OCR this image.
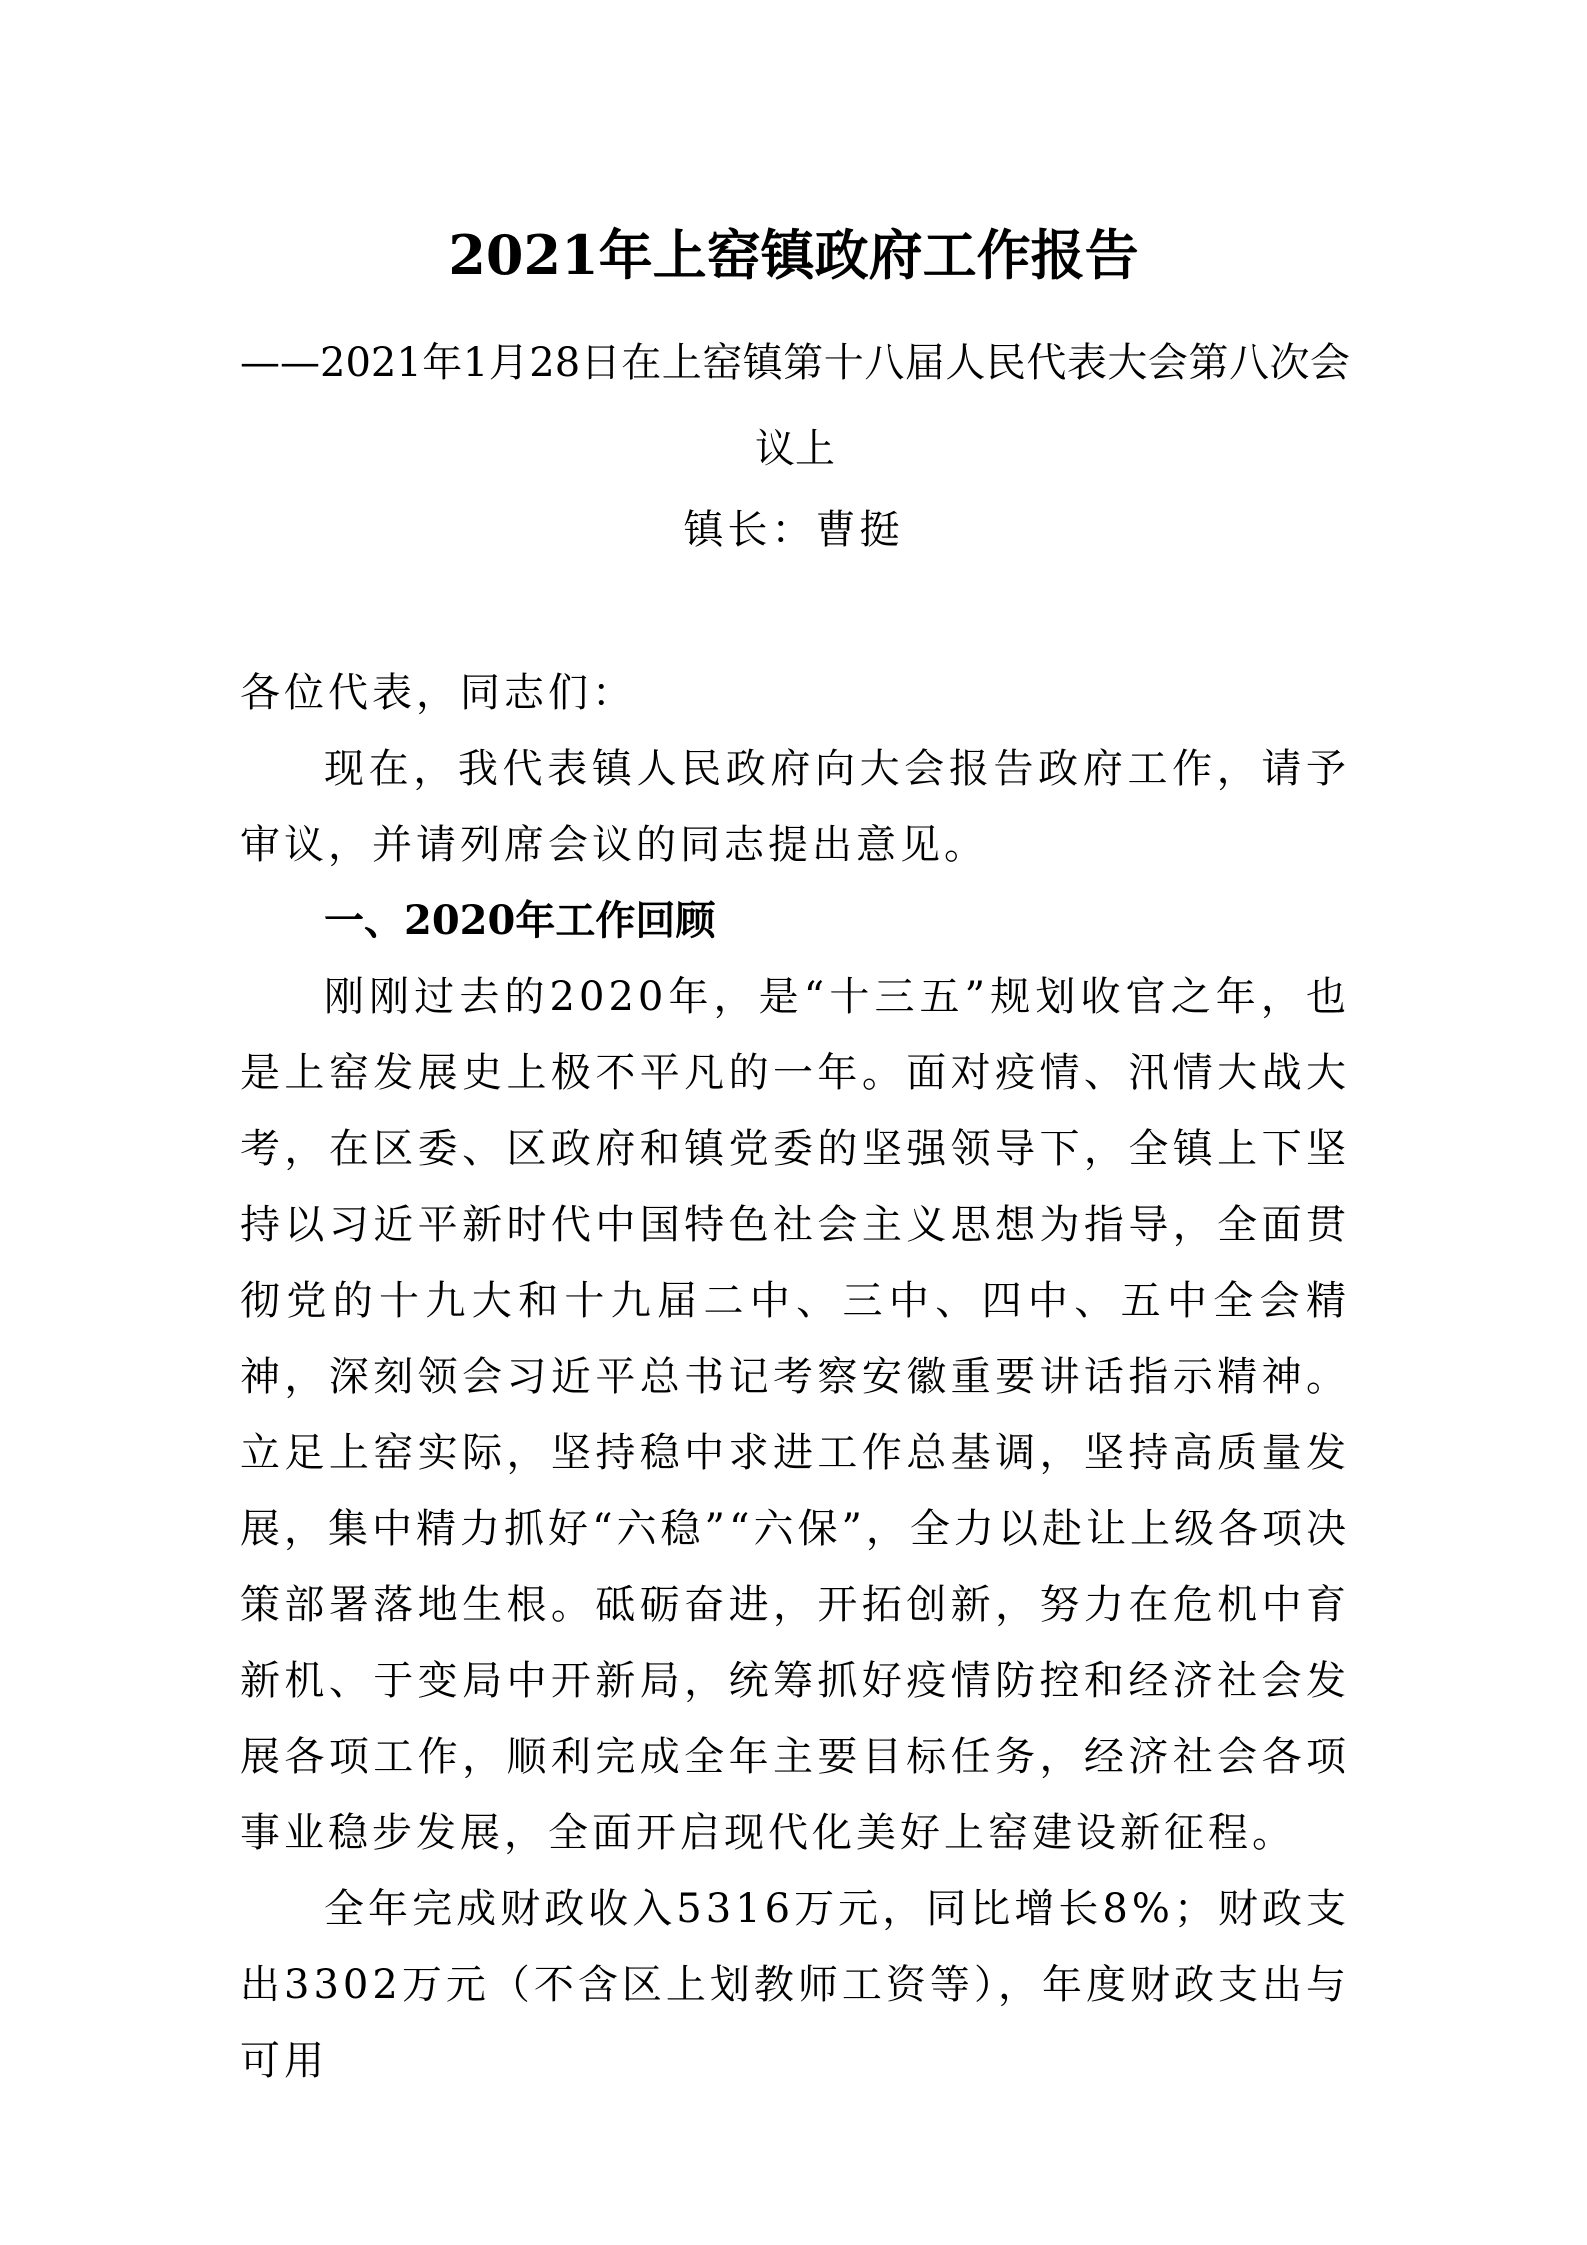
2021年上窑镇政府工作报告

——2021年1月28日在上窑镇第十八届人民代表大会第八次会议上

镇长：曹挺

各位代表，同志们：

现在，我代表镇人民政府向大会报告政府工作，请予审议，并请列席会议的同志提出意见。

一、2020年工作回顾

刚刚过去的2020年，是“十三五”规划收官之年，也是上窑发展史上极不平凡的一年。面对疫情、汛情大战大考，在区委、区政府和镇党委的坚强领导下，全镇上下坚持以习近平新时代中国特色社会主义思想为指导，全面贯彻党的十九大和十九届二中、三中、四中、五中全会精神，深刻领会习近平总书记考察安徽重要讲话指示精神。立足上窑实际，坚持稳中求进工作总基调，坚持高质量发展，集中精力抓好“六稳”“六保”，全力以赴让上级各项决策部署落地生根。砥砺奋进，开拓创新，努力在危机中育新机、于变局中开新局，统筹抓好疫情防控和经济社会发展各项工作，顺利完成全年主要目标任务，经济社会各项事业稳步发展，全面开启现代化美好上窑建设新征程。

全年完成财政收入5316万元，同比增长8%；财政支出3302万元（不含区上划教师工资等），年度财政支出与可用
